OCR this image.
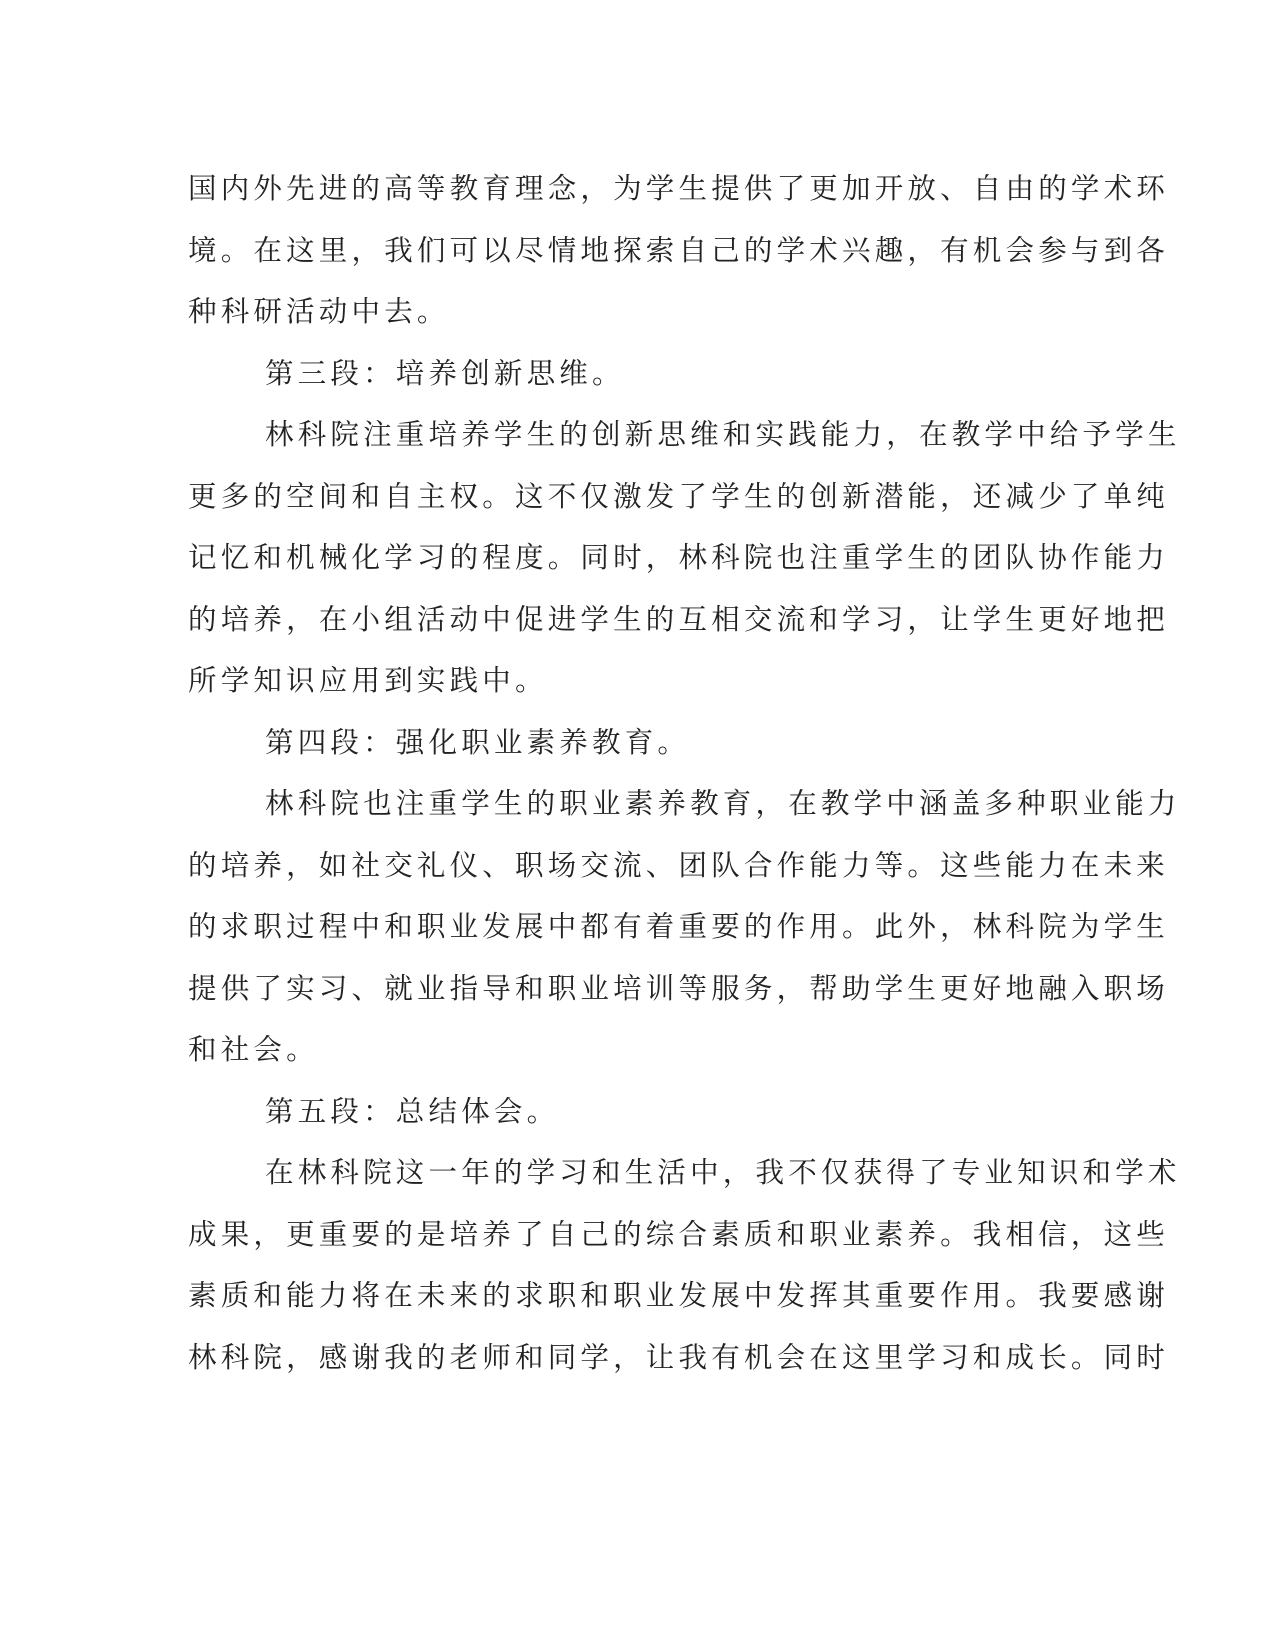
国内外先进的高等教育理念，为学生提供了更加开放、自由的学术环
境。在这里，我们可以尽情地探索自己的学术兴趣，有机会参与到各
种科研活动中去。
第三段：培养创新思维。
林科院注重培养学生的创新思维和实践能力，在教学中给予学生
更多的空间和自主权。这不仅激发了学生的创新潜能，还减少了单纯
记忆和机械化学习的程度。同时，林科院也注重学生的团队协作能力
的培养，在小组活动中促进学生的互相交流和学习，让学生更好地把
所学知识应用到实践中。
第四段：强化职业素养教育。
林科院也注重学生的职业素养教育，在教学中涵盖多种职业能力
的培养，如社交礼仪、职场交流、团队合作能力等。这些能力在未来
的求职过程中和职业发展中都有着重要的作用。此外，林科院为学生
提供了实习、就业指导和职业培训等服务，帮助学生更好地融入职场
和社会。
第五段：总结体会。
在林科院这一年的学习和生活中，我不仅获得了专业知识和学术
成果，更重要的是培养了自己的综合素质和职业素养。我相信，这些
素质和能力将在未来的求职和职业发展中发挥其重要作用。我要感谢
林科院，感谢我的老师和同学，让我有机会在这里学习和成长。同时
